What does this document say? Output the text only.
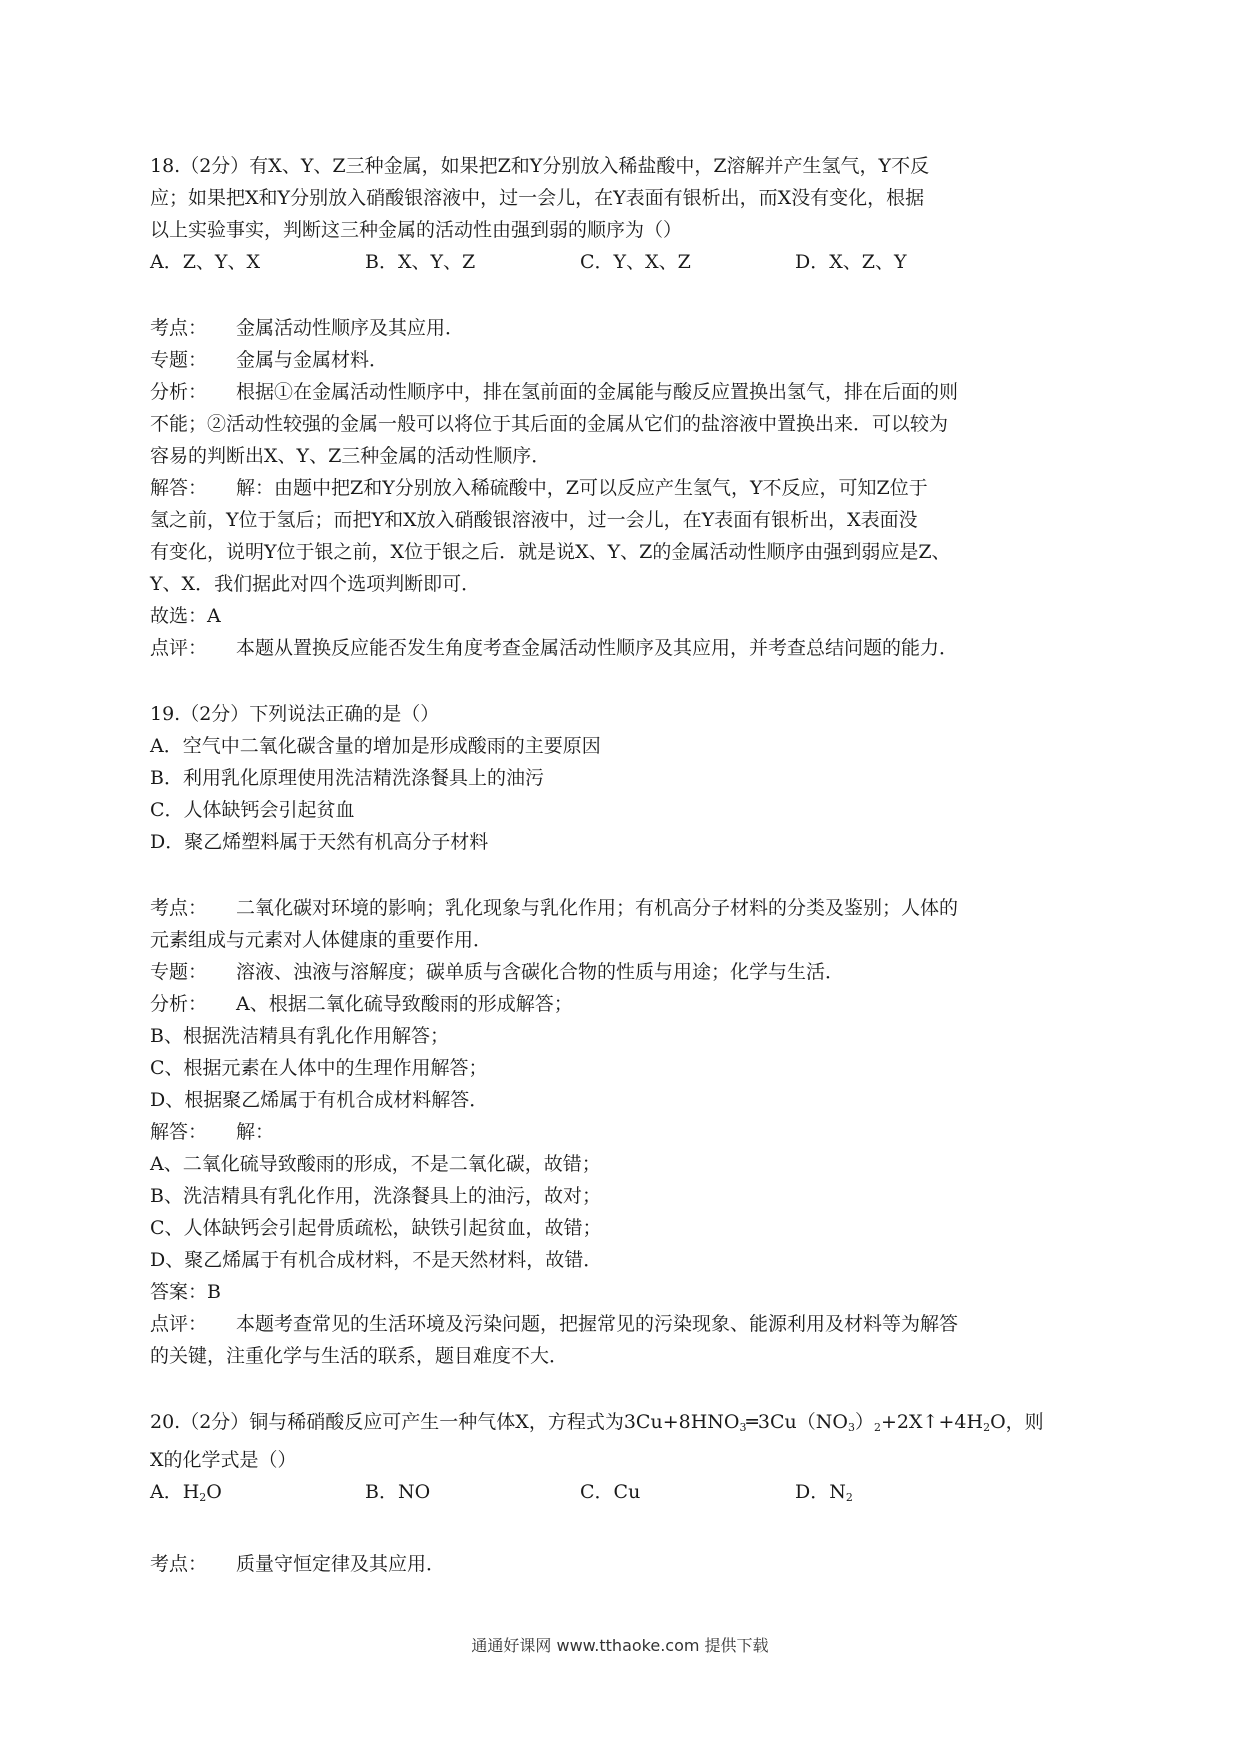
18.（2分）有X、Y、Z三种金属，如果把Z和Y分别放入稀盐酸中，Z溶解并产生氢气，Y不反

应；如果把X和Y分别放入硝酸银溶液中，过一会儿，在Y表面有银析出，而X没有变化，根据

以上实验事实，判断这三种金属的活动性由强到弱的顺序为（）

A．Z、Y、X	B．X、Y、Z	C．Y、X、Z	D．X、Z、Y

考点： 金属活动性顺序及其应用．

专题： 金属与金属材料．

分析： 根据①在金属活动性顺序中，排在氢前面的金属能与酸反应置换出氢气，排在后面的则

不能；②活动性较强的金属一般可以将位于其后面的金属从它们的盐溶液中置换出来．可以较为

容易的判断出X、Y、Z三种金属的活动性顺序．

解答： 解：由题中把Z和Y分别放入稀硫酸中，Z可以反应产生氢气，Y不反应，可知Z位于

氢之前，Y位于氢后；而把Y和X放入硝酸银溶液中，过一会儿，在Y表面有银析出，X表面没

有变化，说明Y位于银之前，X位于银之后．就是说X、Y、Z的金属活动性顺序由强到弱应是Z、

Y、X．我们据此对四个选项判断即可．

故选：A

点评： 本题从置换反应能否发生角度考查金属活动性顺序及其应用，并考查总结问题的能力．

19.（2分）下列说法正确的是（）

A．空气中二氧化碳含量的增加是形成酸雨的主要原因

B．利用乳化原理使用洗洁精洗涤餐具上的油污

C．人体缺钙会引起贫血

D．聚乙烯塑料属于天然有机高分子材料

考点： 二氧化碳对环境的影响；乳化现象与乳化作用；有机高分子材料的分类及鉴别；人体的

元素组成与元素对人体健康的重要作用．

专题： 溶液、浊液与溶解度；碳单质与含碳化合物的性质与用途；化学与生活．

分析： A、根据二氧化硫导致酸雨的形成解答；

B、根据洗洁精具有乳化作用解答；

C、根据元素在人体中的生理作用解答；

D、根据聚乙烯属于有机合成材料解答．

解答： 解：

A、二氧化硫导致酸雨的形成，不是二氧化碳，故错；

B、洗洁精具有乳化作用，洗涤餐具上的油污，故对；

C、人体缺钙会引起骨质疏松，缺铁引起贫血，故错；

D、聚乙烯属于有机合成材料，不是天然材料，故错．

答案：B

点评： 本题考查常见的生活环境及污染问题，把握常见的污染现象、能源利用及材料等为解答

的关键，注重化学与生活的联系，题目难度不大．

20.（2分）铜与稀硝酸反应可产生一种气体X，方程式为$3Cu+8HNO_3═3Cu(NO_3)_2+2X↑+4H_2O$，则

X的化学式是（）

A．$H_2O$	B．NO	C．Cu	D．$N_2$

考点： 质量守恒定律及其应用．

通通好课网 www.tthaoke.com 提供下载
